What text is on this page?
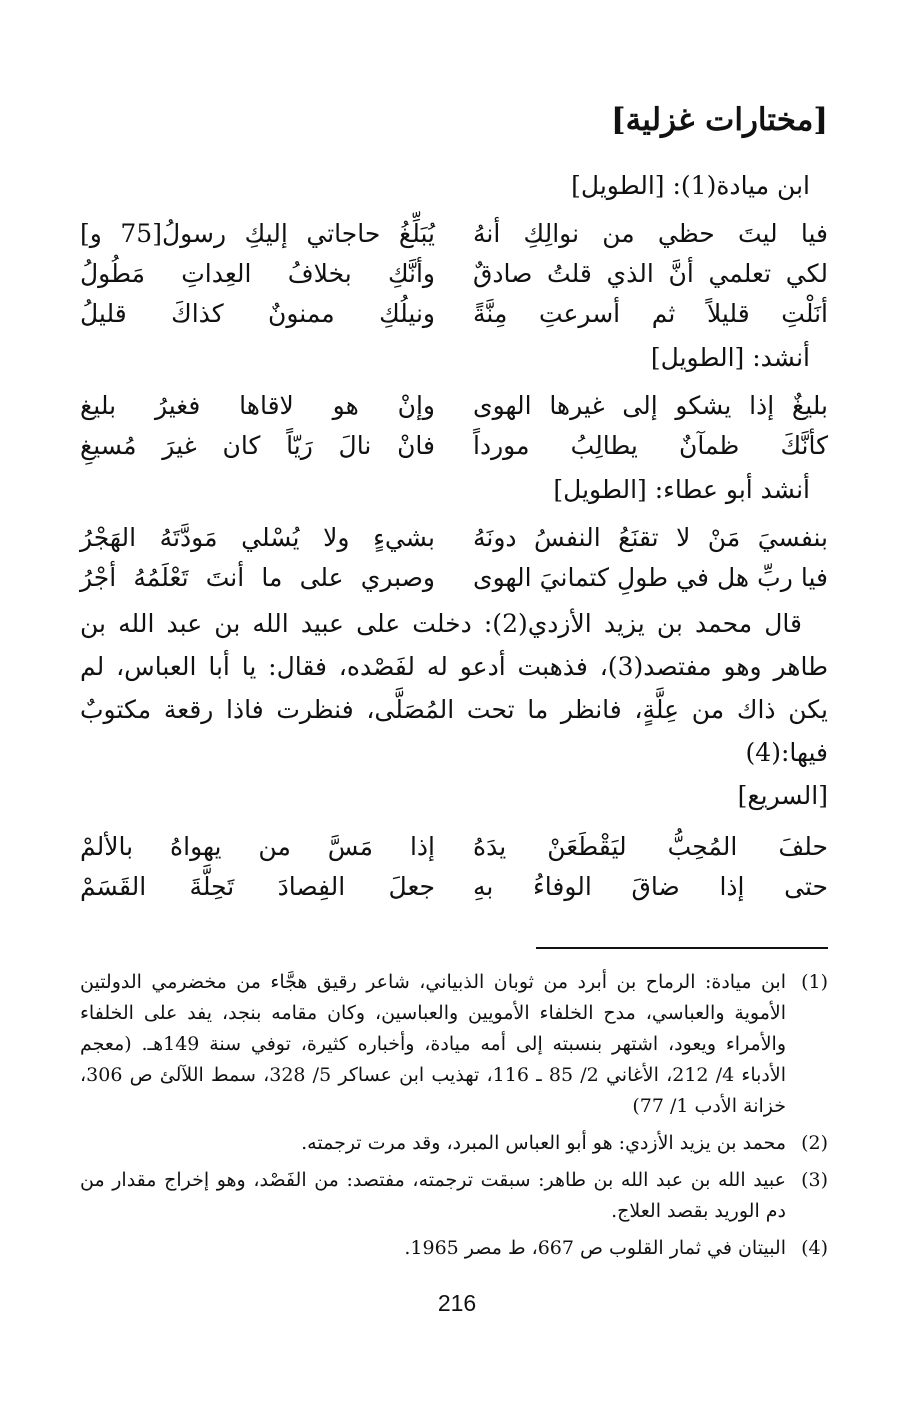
[مختارات غزلية]
ابن ميادة(1): [الطويل]
فيا ليتَ حظي من نوالِكِ أنهُ
يُبَلِّغُ حاجاتي إليكِ رسولُ[75 و]
لكي تعلمي أنَّ الذي قلتُ صادقٌ
وأنَّكِ بخلافُ العِداتِ مَطُولُ
أنَلْتِ قليلاً ثم أسرعتِ مِنَّةً
ونيلُكِ ممنونٌ كذاكَ قليلُ
أنشد: [الطويل]
بليغٌ إذا يشكو إلى غيرها الهوى
وإنْ هو لاقاها فغيرُ بليغ
كأنَّكَ ظمآنٌ يطالِبُ مورداً
فانْ نالَ رَيّاً كان غيرَ مُسيغِ
أنشد أبو عطاء: [الطويل]
بنفسيَ مَنْ لا تقنَعُ النفسُ دونَهُ
بشيءٍ ولا يُسْلي مَودَّتَهُ الهَجْرُ
فيا ربِّ هل في طولِ كتمانيَ الهوى
وصبري على ما أنتَ تَعْلَمُهُ أجْرُ
قال محمد بن يزيد الأزدي(2): دخلت على عبيد الله بن عبد الله بن طاهر وهو مفتصد(3)، فذهبت أدعو له لفَصْده، فقال: يا أبا العباس، لم يكن ذاك من عِلَّةٍ، فانظر ما تحت المُصَلَّى، فنظرت فاذا رقعة مكتوبٌ فيها:(4)
[السريع]
حلفَ المُحِبُّ ليَقْطَعَنْ يدَهُ
إذا مَسَّ من يهواهُ بالألمْ
حتى إذا ضاقَ الوفاءُ بهِ
جعلَ الفِصادَ تَحِلَّةَ القَسَمْ
(1)
ابن ميادة: الرماح بن أبرد من ثوبان الذبياني، شاعر رقيق هجَّاء من مخضرمي الدولتين الأموية والعباسي، مدح الخلفاء الأمويين والعباسين، وكان مقامه بنجد، يفد على الخلفاء والأمراء ويعود، اشتهر بنسبته إلى أمه ميادة، وأخباره كثيرة، توفي سنة 149هـ. (معجم الأدباء 4/ 212، الأغاني 2/ 85 ـ 116، تهذيب ابن عساكر 5/ 328، سمط اللآلئ ص 306، خزانة الأدب 1/ 77)
(2)
محمد بن يزيد الأزدي: هو أبو العباس المبرد، وقد مرت ترجمته.
(3)
عبيد الله بن عبد الله بن طاهر: سبقت ترجمته، مفتصد: من الفَصْد، وهو إخراج مقدار من دم الوريد بقصد العلاج.
(4)
البيتان في ثمار القلوب ص 667، ط مصر 1965.
216
